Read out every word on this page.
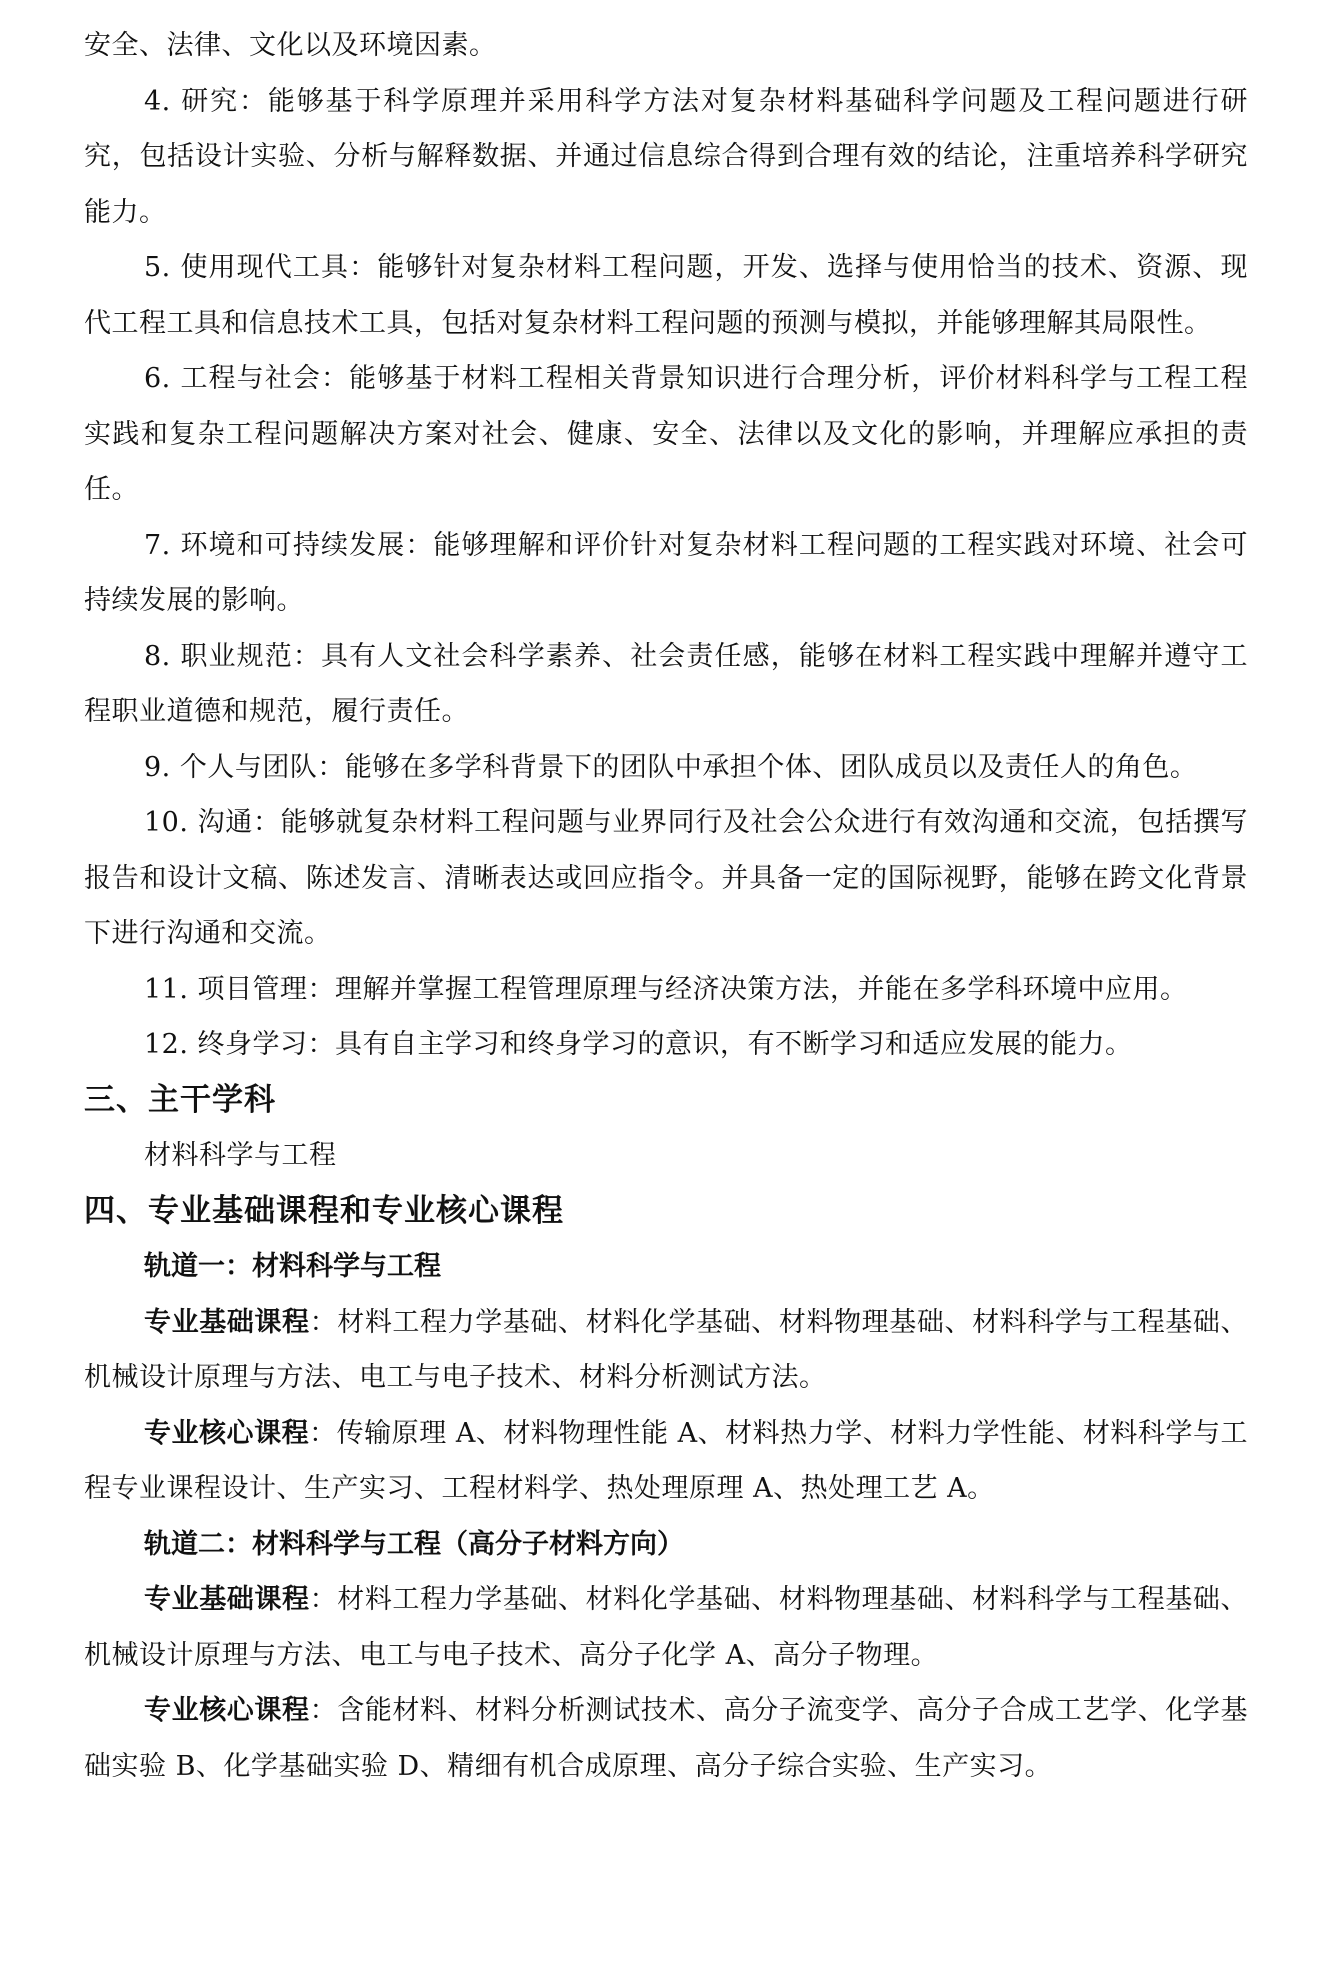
安全、法律、文化以及环境因素。

4. 研究：能够基于科学原理并采用科学方法对复杂材料基础科学问题及工程问题进行研究，包括设计实验、分析与解释数据、并通过信息综合得到合理有效的结论，注重培养科学研究能力。

5. 使用现代工具：能够针对复杂材料工程问题，开发、选择与使用恰当的技术、资源、现代工程工具和信息技术工具，包括对复杂材料工程问题的预测与模拟，并能够理解其局限性。

6. 工程与社会：能够基于材料工程相关背景知识进行合理分析，评价材料科学与工程工程实践和复杂工程问题解决方案对社会、健康、安全、法律以及文化的影响，并理解应承担的责任。

7. 环境和可持续发展：能够理解和评价针对复杂材料工程问题的工程实践对环境、社会可持续发展的影响。

8. 职业规范：具有人文社会科学素养、社会责任感，能够在材料工程实践中理解并遵守工程职业道德和规范，履行责任。

9. 个人与团队：能够在多学科背景下的团队中承担个体、团队成员以及责任人的角色。

10. 沟通：能够就复杂材料工程问题与业界同行及社会公众进行有效沟通和交流，包括撰写报告和设计文稿、陈述发言、清晰表达或回应指令。并具备一定的国际视野，能够在跨文化背景下进行沟通和交流。

11. 项目管理：理解并掌握工程管理原理与经济决策方法，并能在多学科环境中应用。

12. 终身学习：具有自主学习和终身学习的意识，有不断学习和适应发展的能力。

三、主干学科

材料科学与工程

四、专业基础课程和专业核心课程
轨道一：材料科学与工程

专业基础课程：材料工程力学基础、材料化学基础、材料物理基础、材料科学与工程基础、机械设计原理与方法、电工与电子技术、材料分析测试方法。

专业核心课程：传输原理 A、材料物理性能 A、材料热力学、材料力学性能、材料科学与工程专业课程设计、生产实习、工程材料学、热处理原理 A、热处理工艺 A。

轨道二：材料科学与工程（高分子材料方向）

专业基础课程：材料工程力学基础、材料化学基础、材料物理基础、材料科学与工程基础、机械设计原理与方法、电工与电子技术、高分子化学 A、高分子物理。

专业核心课程：含能材料、材料分析测试技术、高分子流变学、高分子合成工艺学、化学基础实验 B、化学基础实验 D、精细有机合成原理、高分子综合实验、生产实习。
